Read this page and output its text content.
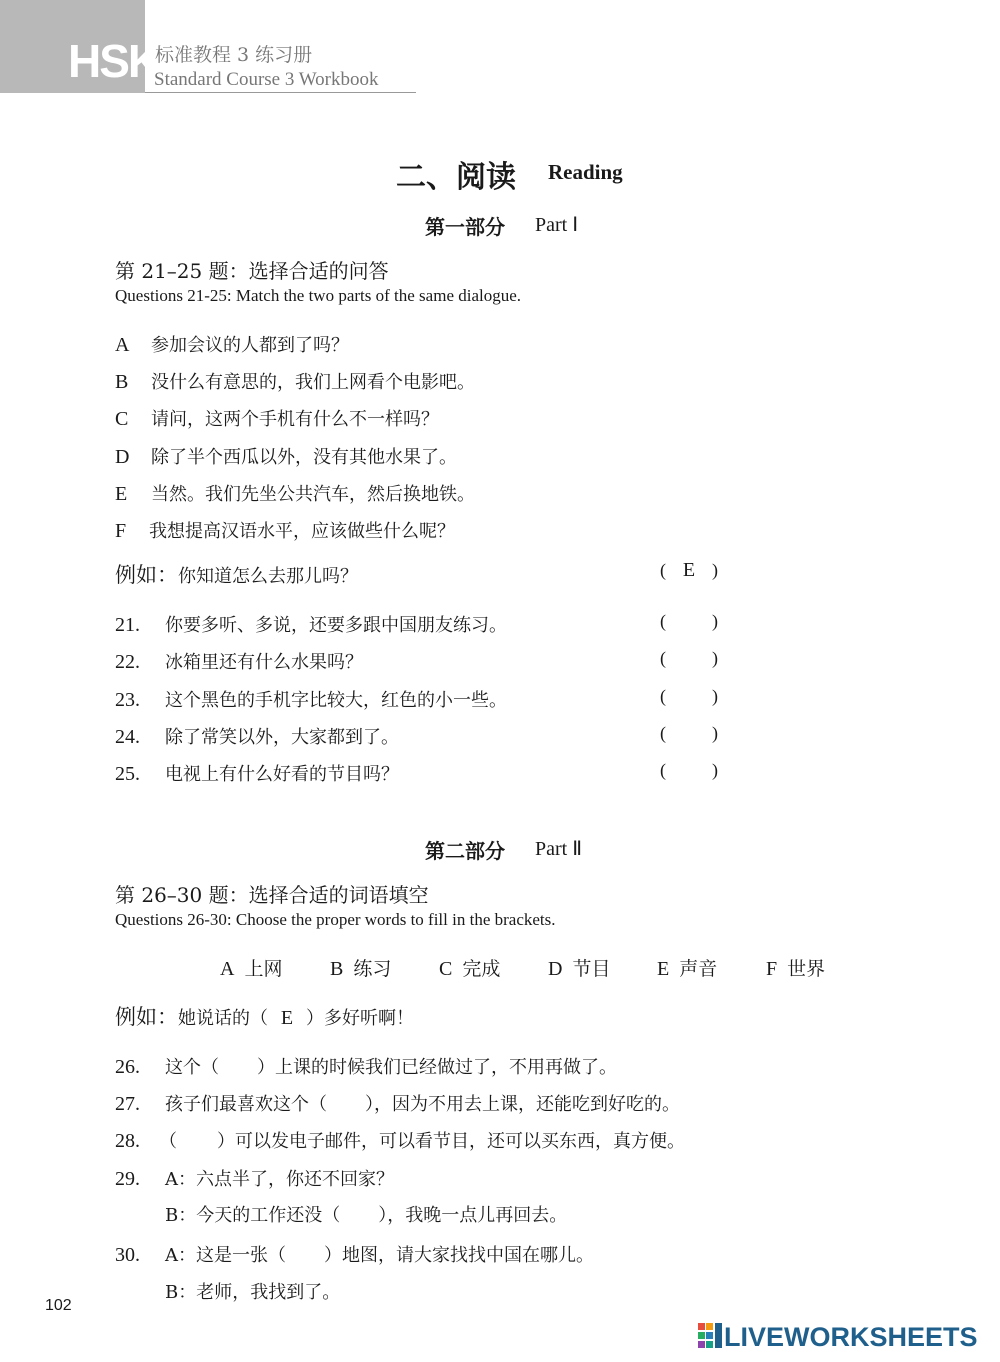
HSK
标准教程 3 练习册
Standard Course 3 Workbook
二、阅读 Reading
第一部分 Part Ⅰ
第 21–25 题：选择合适的问答
Questions 21-25: Match the two parts of the same dialogue.
A 参加会议的人都到了吗？
B 没什么有意思的，我们上网看个电影吧。
C 请问，这两个手机有什么不一样吗？
D 除了半个西瓜以外，没有其他水果了。
E 当然。我们先坐公共汽车，然后换地铁。
F 我想提高汉语水平，应该做些什么呢？
例如：你知道怎么去那儿吗？	( E )
21. 你要多听、多说，还要多跟中国朋友练习。	(	)
22. 冰箱里还有什么水果吗？	(	)
23. 这个黑色的手机字比较大，红色的小一些。	(	)
24. 除了常笑以外，大家都到了。	(	)
25. 电视上有什么好看的节目吗？	(	)
第二部分 Part Ⅱ
第 26–30 题：选择合适的词语填空
Questions 26-30: Choose the proper words to fill in the brackets.
A 上网 B 练习 C 完成 D 节目 E 声音 F 世界
例如：她说话的（ E ）多好听啊！
26. 这个（ ）上课的时候我们已经做过了，不用再做了。
27. 孩子们最喜欢这个（ ），因为不用去上课，还能吃到好吃的。
28. （ ）可以发电子邮件，可以看节目，还可以买东西，真方便。
29. A：六点半了，你还不回家？
B：今天的工作还没（ ），我晚一点儿再回去。
30. A：这是一张（ ）地图，请大家找找中国在哪儿。
B：老师，我找到了。
102
LIVEWORKSHEETS
